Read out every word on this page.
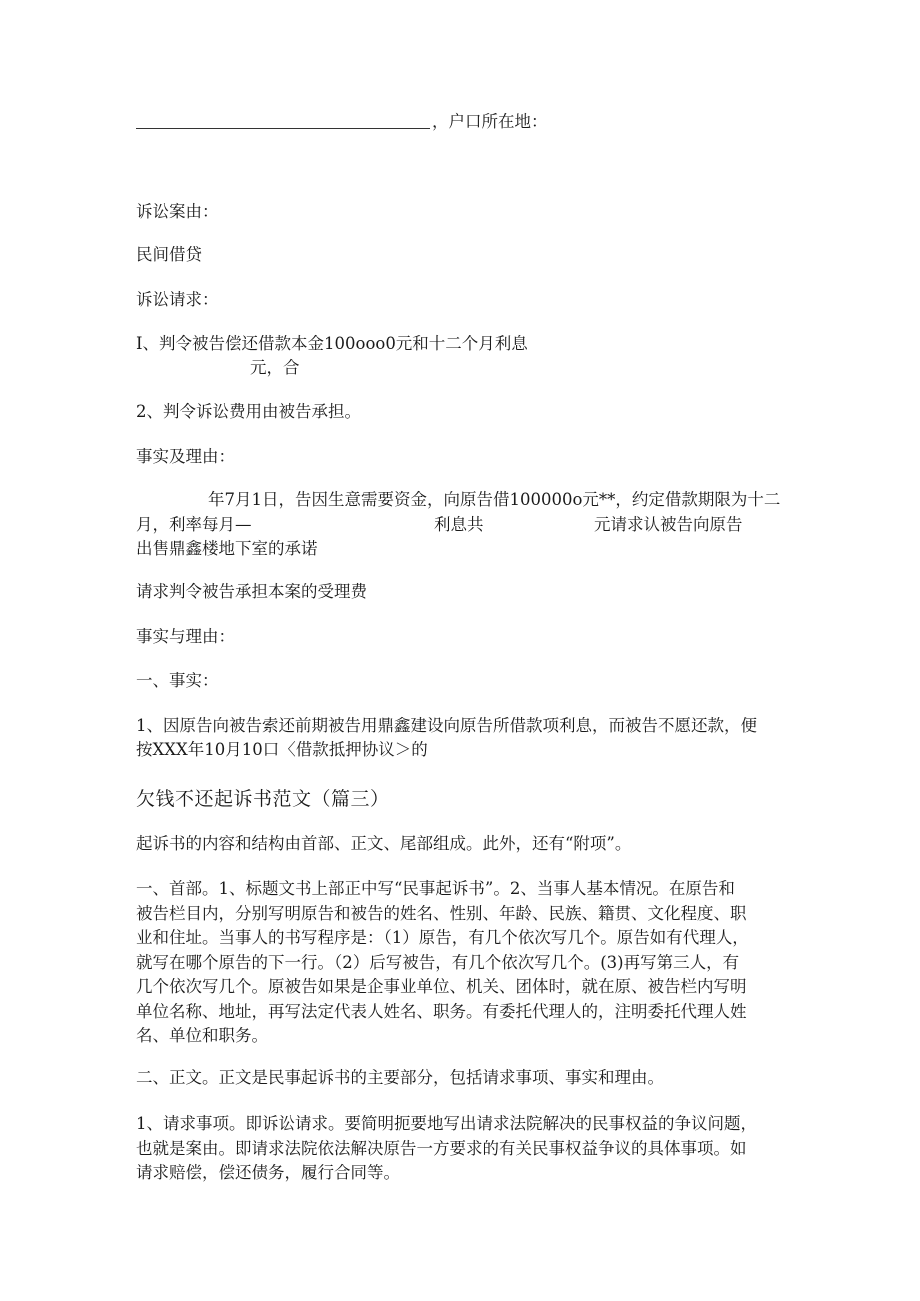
，户口所在地：
诉讼案由：
民间借贷
诉讼请求：
I、判令被告偿还借款本金100ooo0元和十二个月利息
元，合
2、判令诉讼费用由被告承担。
事实及理由：
年7月1日，告因生意需要资金，向原告借100000o元**，约定借款期限为十二
月，利率每月—	利息共	元请求认被告向原告
出售鼎鑫楼地下室的承诺
请求判令被告承担本案的受理费
事实与理由：
一、事实：
1、因原告向被告索还前期被告用鼎鑫建设向原告所借款项利息，而被告不愿还款，便
按XXX年10月10口〈借款抵押协议＞的
欠钱不还起诉书范文（篇三）
起诉书的内容和结构由首部、正文、尾部组成。此外，还有“附项”。
一、首部。1、标题文书上部正中写“民事起诉书”。2、当事人基本情况。在原告和
被告栏目内，分别写明原告和被告的姓名、性别、年龄、民族、籍贯、文化程度、职
业和住址。当事人的书写程序是：（1）原告，有几个依次写几个。原告如有代理人，
就写在哪个原告的下一行。（2）后写被告，有几个依次写几个。(3)再写第三人，有
几个依次写几个。原被告如果是企事业单位、机关、团体时，就在原、被告栏内写明
单位名称、地址，再写法定代表人姓名、职务。有委托代理人的，注明委托代理人姓
名、单位和职务。
二、正文。正文是民事起诉书的主要部分，包括请求事项、事实和理由。
1、请求事项。即诉讼请求。要简明扼要地写出请求法院解决的民事权益的争议问题，
也就是案由。即请求法院依法解决原告一方要求的有关民事权益争议的具体事项。如
请求赔偿，偿还债务，履行合同等。
